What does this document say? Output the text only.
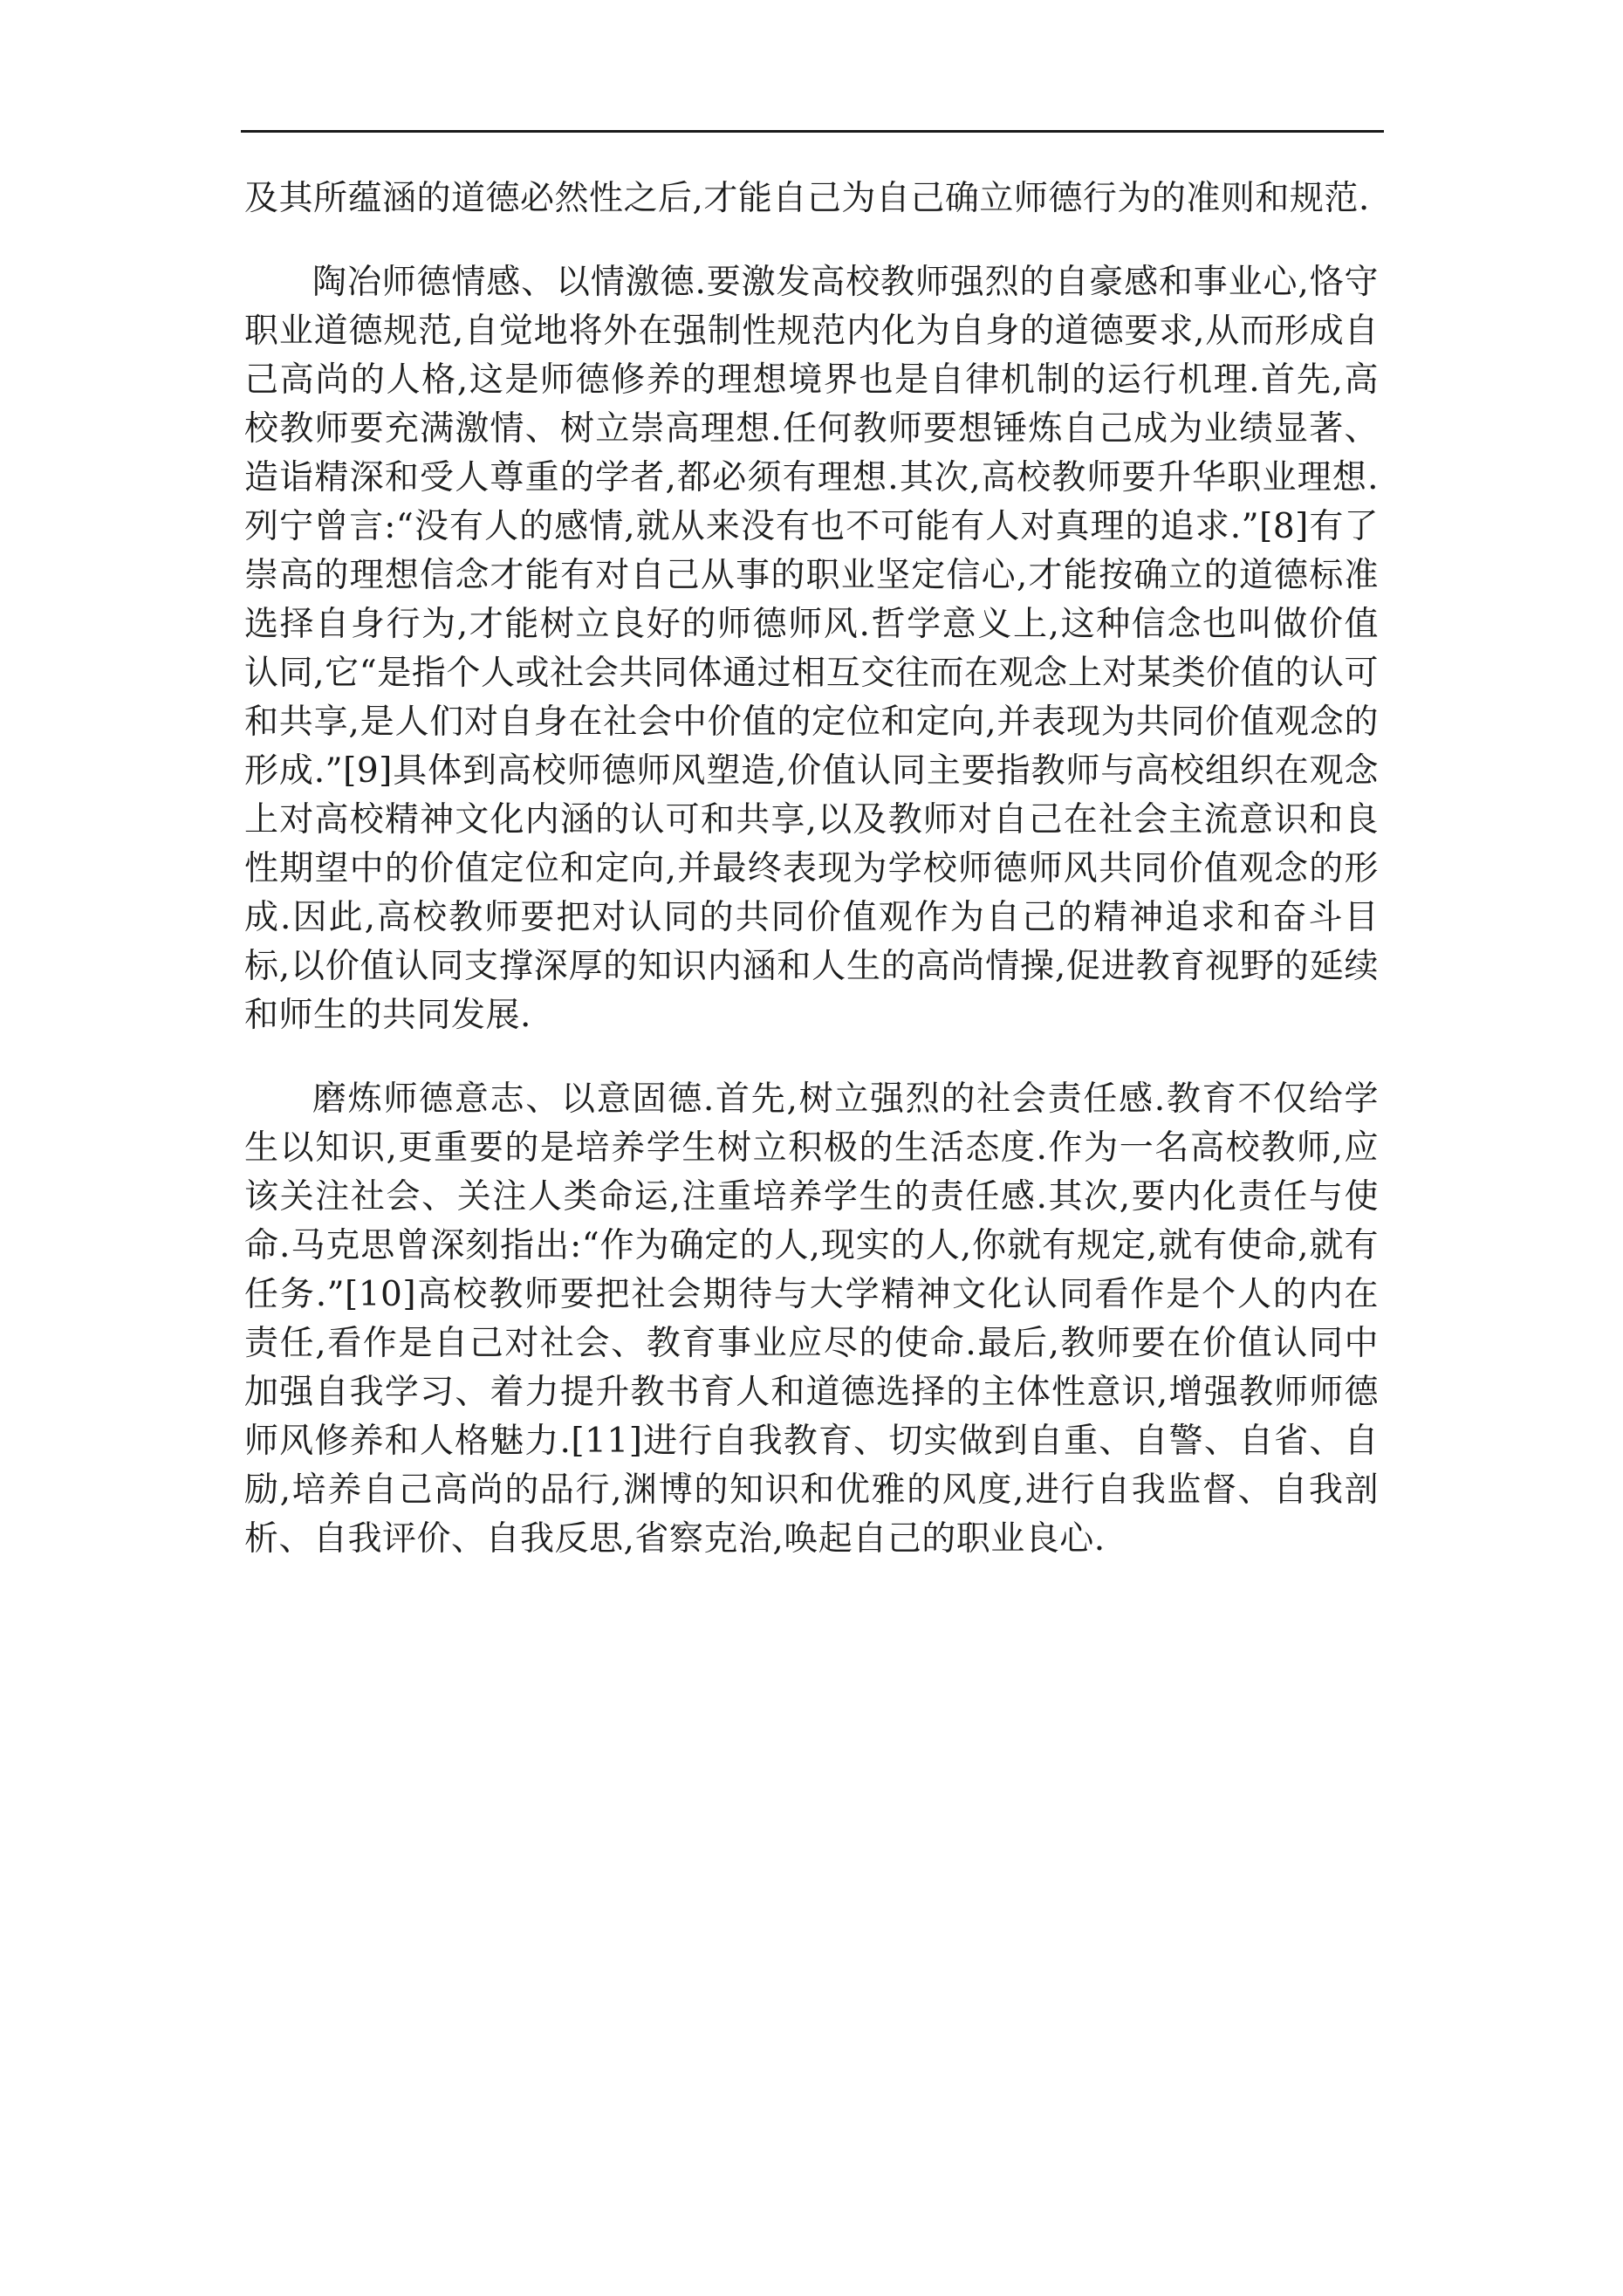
及其所蕴涵的道德必然性之后,才能自己为自己确立师德行为的准则和规范.

陶冶师德情感、以情激德.要激发高校教师强烈的自豪感和事业心,恪守职业道德规范,自觉地将外在强制性规范内化为自身的道德要求,从而形成自己高尚的人格,这是师德修养的理想境界也是自律机制的运行机理.首先,高校教师要充满激情、树立崇高理想.任何教师要想锤炼自己成为业绩显著、造诣精深和受人尊重的学者,都必须有理想.其次,高校教师要升华职业理想.列宁曾言:“没有人的感情,就从来没有也不可能有人对真理的追求.”[8]有了崇高的理想信念才能有对自己从事的职业坚定信心,才能按确立的道德标准选择自身行为,才能树立良好的师德师风.哲学意义上,这种信念也叫做价值认同,它“是指个人或社会共同体通过相互交往而在观念上对某类价值的认可和共享,是人们对自身在社会中价值的定位和定向,并表现为共同价值观念的形成.”[9]具体到高校师德师风塑造,价值认同主要指教师与高校组织在观念上对高校精神文化内涵的认可和共享,以及教师对自己在社会主流意识和良性期望中的价值定位和定向,并最终表现为学校师德师风共同价值观念的形成.因此,高校教师要把对认同的共同价值观作为自己的精神追求和奋斗目标,以价值认同支撑深厚的知识内涵和人生的高尚情操,促进教育视野的延续和师生的共同发展.

磨炼师德意志、以意固德.首先,树立强烈的社会责任感.教育不仅给学生以知识,更重要的是培养学生树立积极的生活态度.作为一名高校教师,应该关注社会、关注人类命运,注重培养学生的责任感.其次,要内化责任与使命.马克思曾深刻指出:“作为确定的人,现实的人,你就有规定,就有使命,就有任务.”[10]高校教师要把社会期待与大学精神文化认同看作是个人的内在责任,看作是自己对社会、教育事业应尽的使命.最后,教师要在价值认同中加强自我学习、着力提升教书育人和道德选择的主体性意识,增强教师师德师风修养和人格魅力.[11]进行自我教育、切实做到自重、自警、自省、自励,培养自己高尚的品行,渊博的知识和优雅的风度,进行自我监督、自我剖析、自我评价、自我反思,省察克治,唤起自己的职业良心.
